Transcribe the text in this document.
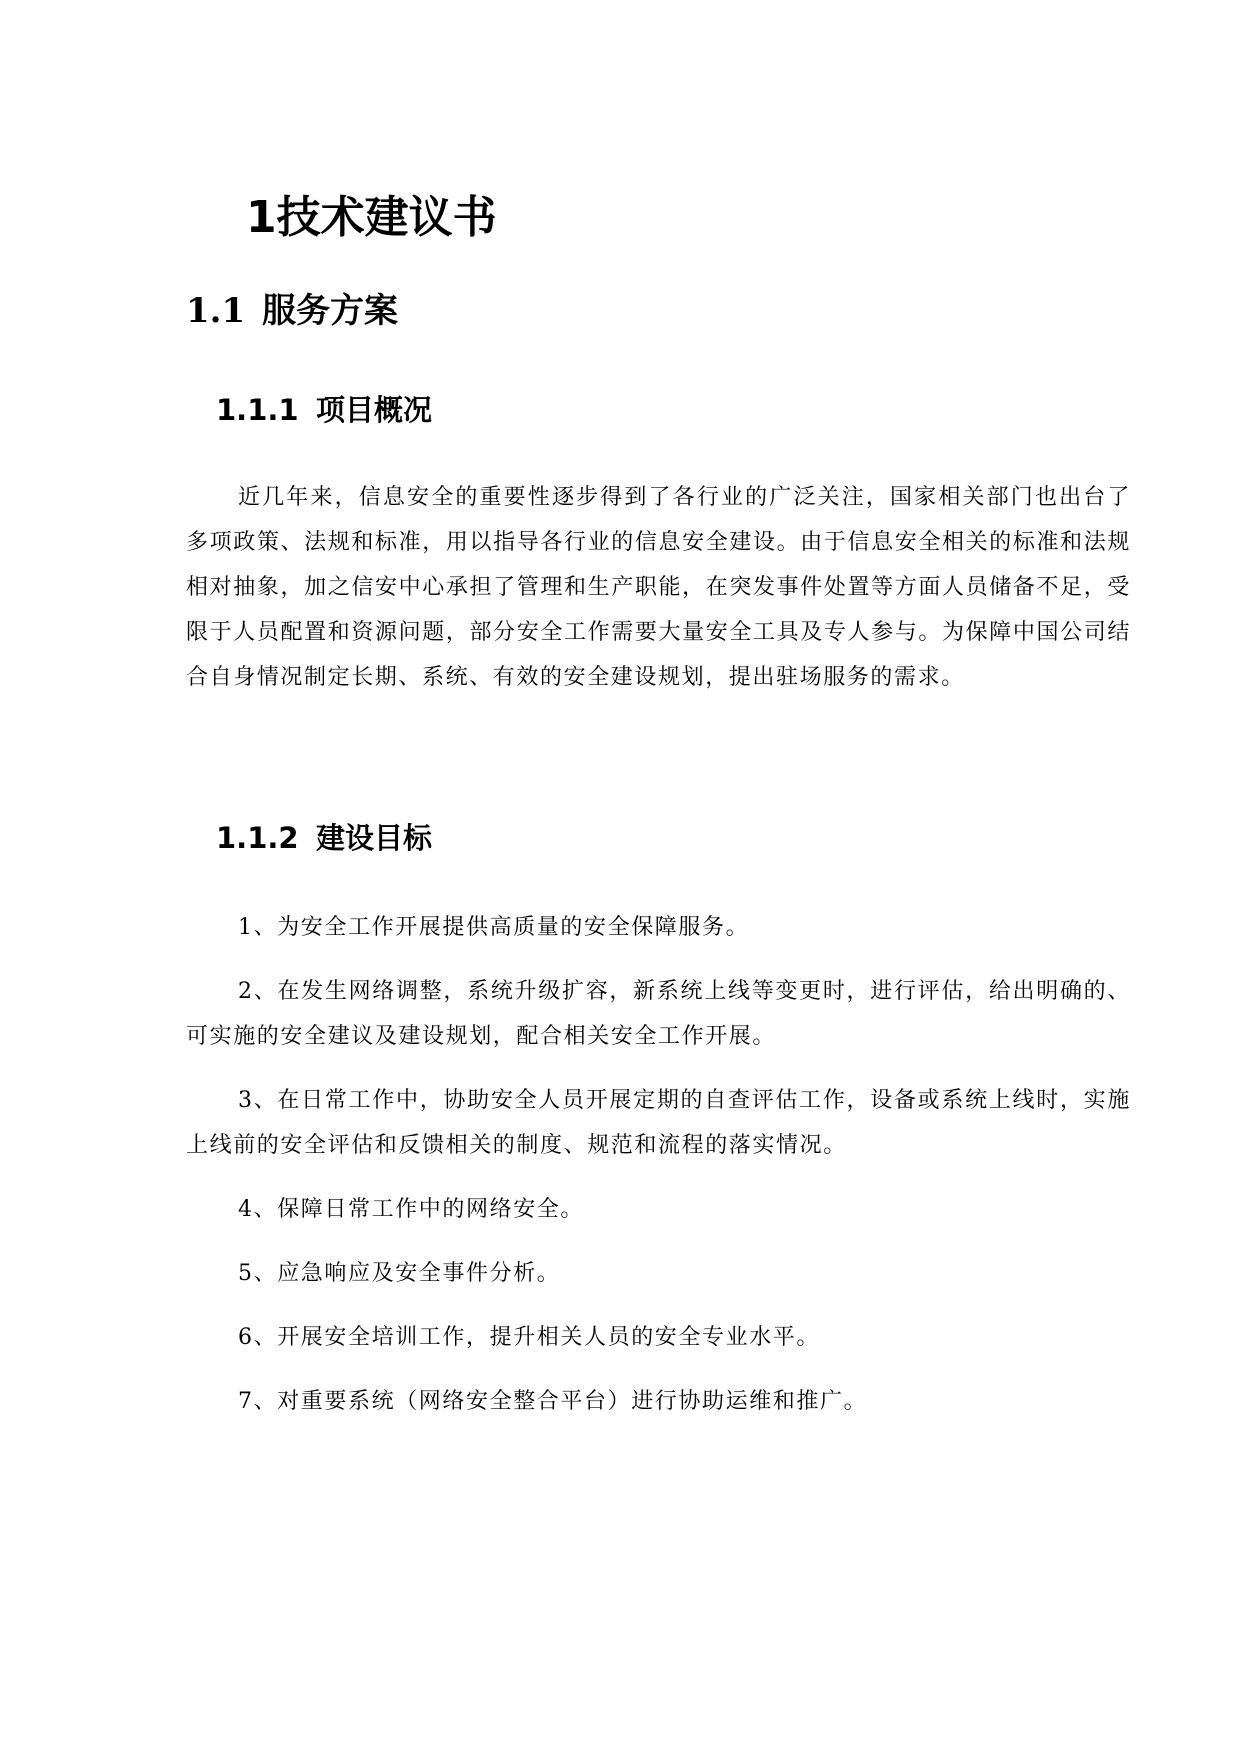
1技术建议书
1.1 服务方案
1.1.1 项目概况

近几年来，信息安全的重要性逐步得到了各行业的广泛关注，国家相关部门也出台了多项政策、法规和标准，用以指导各行业的信息安全建设。由于信息安全相关的标准和法规相对抽象，加之信安中心承担了管理和生产职能，在突发事件处置等方面人员储备不足，受限于人员配置和资源问题，部分安全工作需要大量安全工具及专人参与。为保障中国公司结合自身情况制定长期、系统、有效的安全建设规划，提出驻场服务的需求。

1.1.2 建设目标
1、为安全工作开展提供高质量的安全保障服务。
2、在发生网络调整，系统升级扩容，新系统上线等变更时，进行评估，给出明确的、可实施的安全建议及建设规划，配合相关安全工作开展。
3、在日常工作中，协助安全人员开展定期的自查评估工作，设备或系统上线时，实施上线前的安全评估和反馈相关的制度、规范和流程的落实情况。
4、保障日常工作中的网络安全。
5、应急响应及安全事件分析。
6、开展安全培训工作，提升相关人员的安全专业水平。
7、对重要系统（网络安全整合平台）进行协助运维和推广。
